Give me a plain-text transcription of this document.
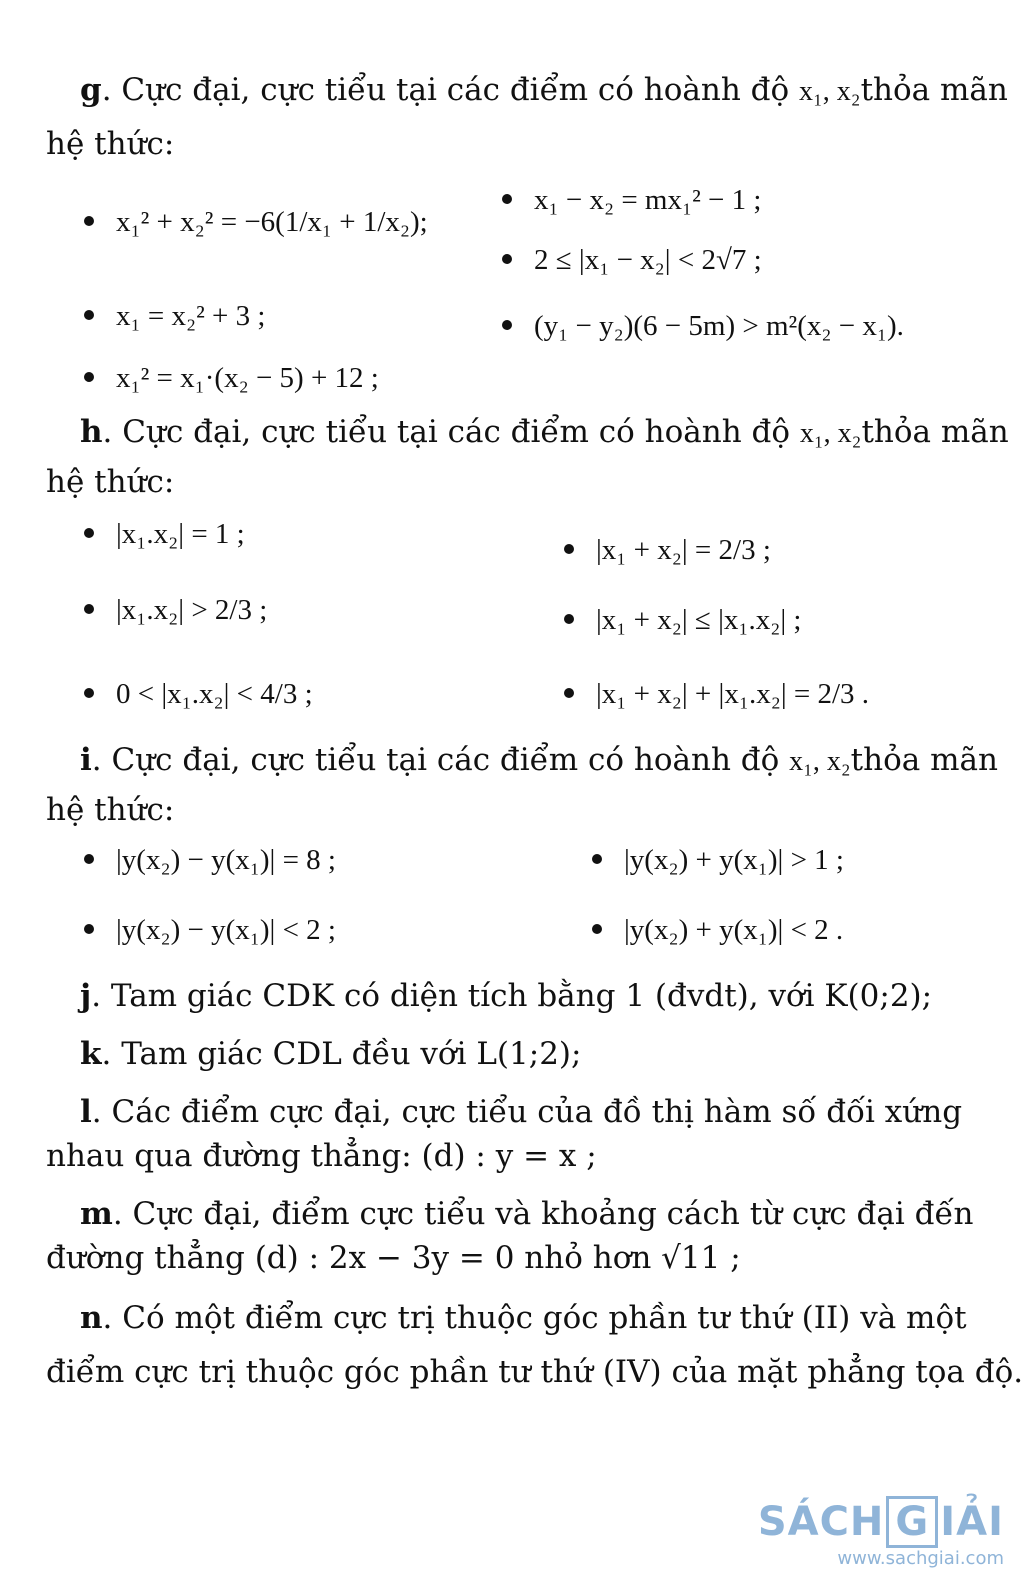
g. Cực đại, cực tiểu tại các điểm có hoành độ x₁, x₂thỏa mãn
hệ thức:
x₁² + x₂² = −6(1/x₁ + 1/x₂);
x₁ = x₂² + 3 ;
x₁² = x₁·(x₂ − 5) + 12 ;
x₁ − x₂ = mx₁² − 1 ;
2 ≤ |x₁ − x₂| < 2√7 ;
(y₁ − y₂)(6 − 5m) > m²(x₂ − x₁).
h. Cực đại, cực tiểu tại các điểm có hoành độ x₁, x₂thỏa mãn
hệ thức:
|x₁.x₂| = 1 ;
|x₁.x₂| > 2/3 ;
0 < |x₁.x₂| < 4/3 ;
|x₁ + x₂| = 2/3 ;
|x₁ + x₂| ≤ |x₁.x₂| ;
|x₁ + x₂| + |x₁.x₂| = 2/3 .
i. Cực đại, cực tiểu tại các điểm có hoành độ x₁, x₂thỏa mãn
hệ thức:
|y(x₂) − y(x₁)| = 8 ;
|y(x₂) − y(x₁)| < 2 ;
|y(x₂) + y(x₁)| > 1 ;
|y(x₂) + y(x₁)| < 2 .
j. Tam giác CDK có diện tích bằng 1 (đvdt), với K(0;2);
k. Tam giác CDL đều với L(1;2);
l. Các điểm cực đại, cực tiểu của đồ thị hàm số đối xứng
nhau qua đường thẳng: (d) : y = x ;
m. Cực đại, điểm cực tiểu và khoảng cách từ cực đại đến
đường thẳng (d) : 2x − 3y = 0 nhỏ hơn √11 ;
n. Có một điểm cực trị thuộc góc phần tư thứ (II) và một
điểm cực trị thuộc góc phần tư thứ (IV) của mặt phẳng tọa độ.
SÁCH G IẢI
www.sachgiai.com
